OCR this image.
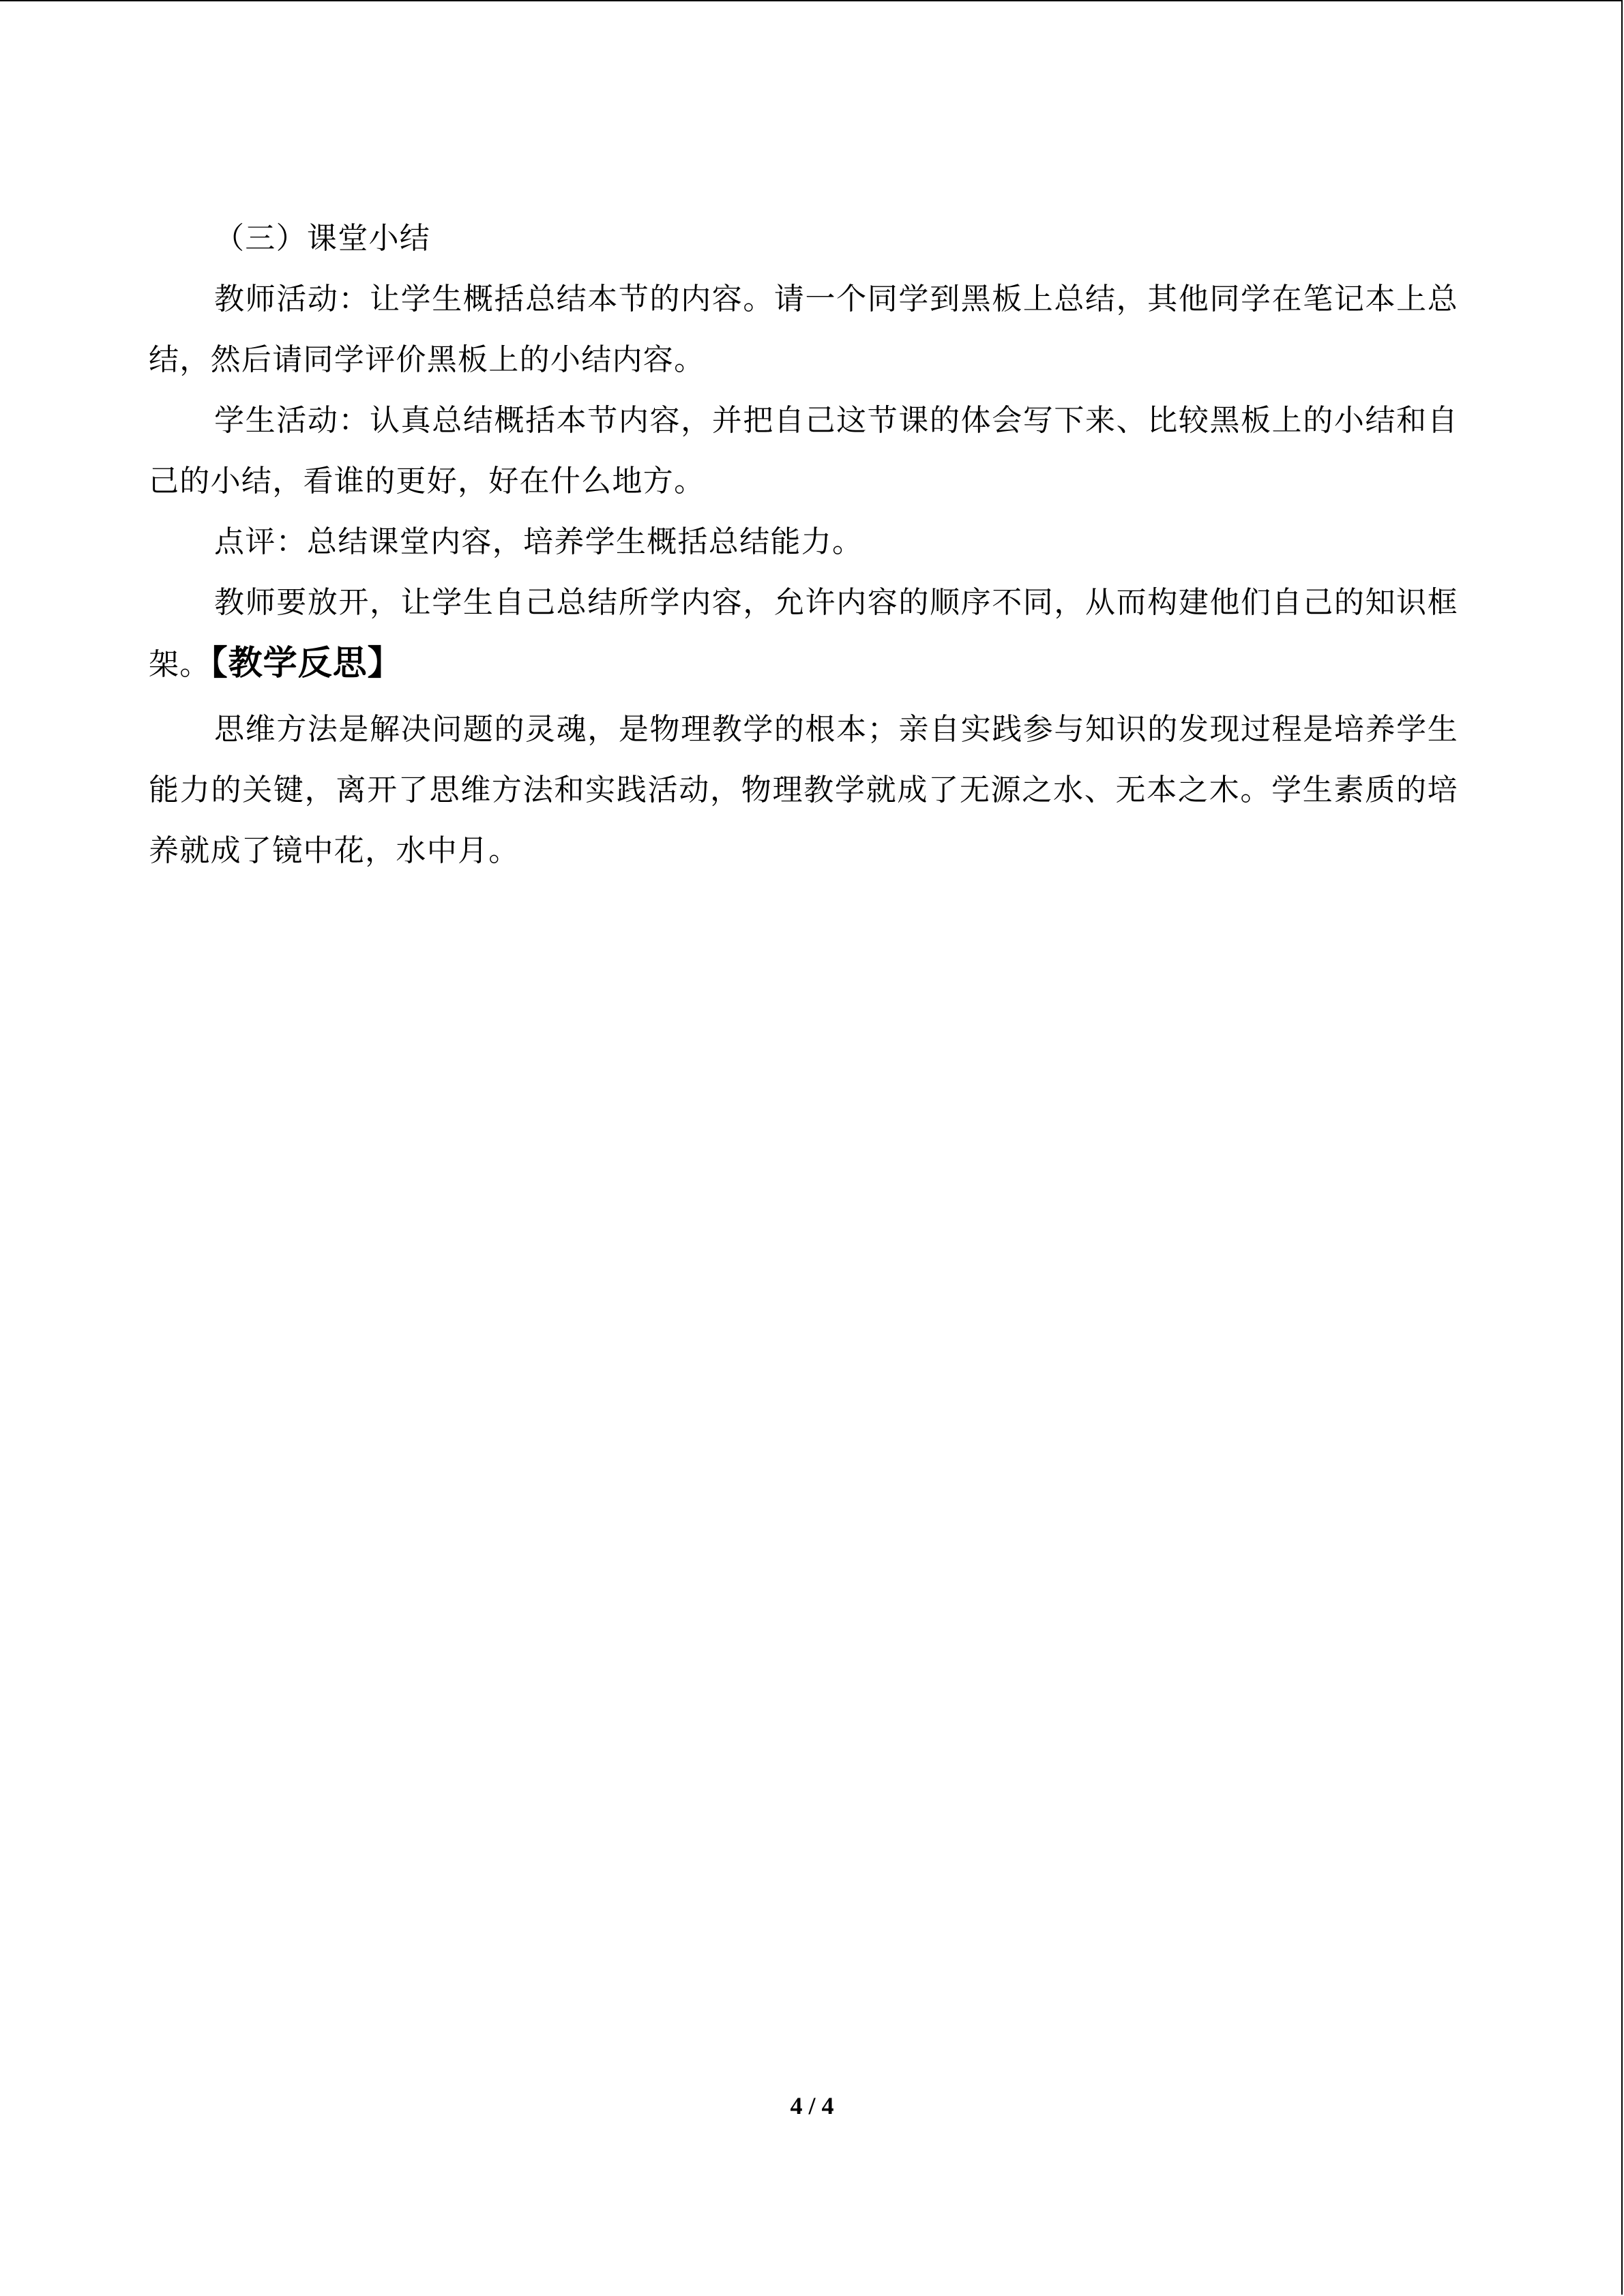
（三）课堂小结

教师活动：让学生概括总结本节的内容。请一个同学到黑板上总结，其他同学在笔记本上总结，然后请同学评价黑板上的小结内容。

学生活动：认真总结概括本节内容，并把自己这节课的体会写下来、比较黑板上的小结和自己的小结，看谁的更好，好在什么地方。

点评：总结课堂内容，培养学生概括总结能力。

教师要放开，让学生自己总结所学内容，允许内容的顺序不同，从而构建他们自己的知识框架。【教学反思】

思维方法是解决问题的灵魂，是物理教学的根本；亲自实践参与知识的发现过程是培养学生能力的关键，离开了思维方法和实践活动，物理教学就成了无源之水、无本之木。学生素质的培养就成了镜中花，水中月。

4 / 4
